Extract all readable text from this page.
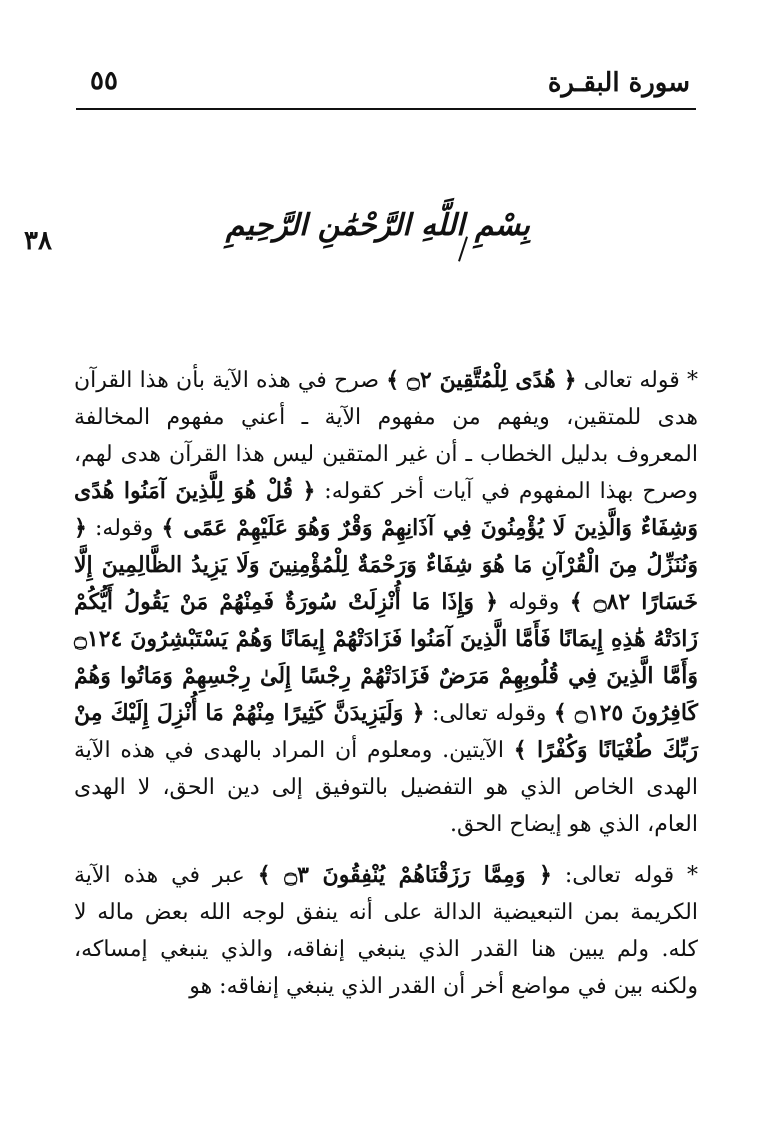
٥٥	سورة البقـرة
٣٨	بِسْمِ اللَّهِ الرَّحْمَٰنِ الرَّحِيمِ

* قوله تعالى ﴿ هُدًى لِلْمُتَّقِينَ ۝٢ ﴾ صرح في هذه الآية بأن هذا القرآن هدى للمتقين، ويفهم من مفهوم الآية ـ أعني مفهوم المخالفة المعروف بدليل الخطاب ـ أن غير المتقين ليس هذا القرآن هدى لهم، وصرح بهذا المفهوم في آيات أخر كقوله: ﴿ قُلْ هُوَ لِلَّذِينَ آمَنُوا هُدًى وَشِفَاءٌ وَالَّذِينَ لَا يُؤْمِنُونَ فِي آذَانِهِمْ وَقْرٌ وَهُوَ عَلَيْهِمْ عَمًى ﴾ وقوله: ﴿ وَنُنَزِّلُ مِنَ الْقُرْآنِ مَا هُوَ شِفَاءٌ وَرَحْمَةٌ لِلْمُؤْمِنِينَ وَلَا يَزِيدُ الظَّالِمِينَ إِلَّا خَسَارًا ۝٨٢ ﴾ وقوله ﴿ وَإِذَا مَا أُنْزِلَتْ سُورَةٌ فَمِنْهُمْ مَنْ يَقُولُ أَيُّكُمْ زَادَتْهُ هَٰذِهِ إِيمَانًا فَأَمَّا الَّذِينَ آمَنُوا فَزَادَتْهُمْ إِيمَانًا وَهُمْ يَسْتَبْشِرُونَ ۝١٢٤ وَأَمَّا الَّذِينَ فِي قُلُوبِهِمْ مَرَضٌ فَزَادَتْهُمْ رِجْسًا إِلَىٰ رِجْسِهِمْ وَمَاتُوا وَهُمْ كَافِرُونَ ۝١٢٥ ﴾ وقوله تعالى: ﴿ وَلَيَزِيدَنَّ كَثِيرًا مِنْهُمْ مَا أُنْزِلَ إِلَيْكَ مِنْ رَبِّكَ طُغْيَانًا وَكُفْرًا ﴾ الآيتين. ومعلوم أن المراد بالهدى في هذه الآية الهدى الخاص الذي هو التفضيل بالتوفيق إلى دين الحق، لا الهدى العام، الذي هو إيضاح الحق.

* قوله تعالى: ﴿ وَمِمَّا رَزَقْنَاهُمْ يُنْفِقُونَ ۝٣ ﴾ عبر في هذه الآية الكريمة بمن التبعيضية الدالة على أنه ينفق لوجه الله بعض ماله لا كله. ولم يبين هنا القدر الذي ينبغي إنفاقه، والذي ينبغي إمساكه، ولكنه بين في مواضع أخر أن القدر الذي ينبغي إنفاقه: هو
